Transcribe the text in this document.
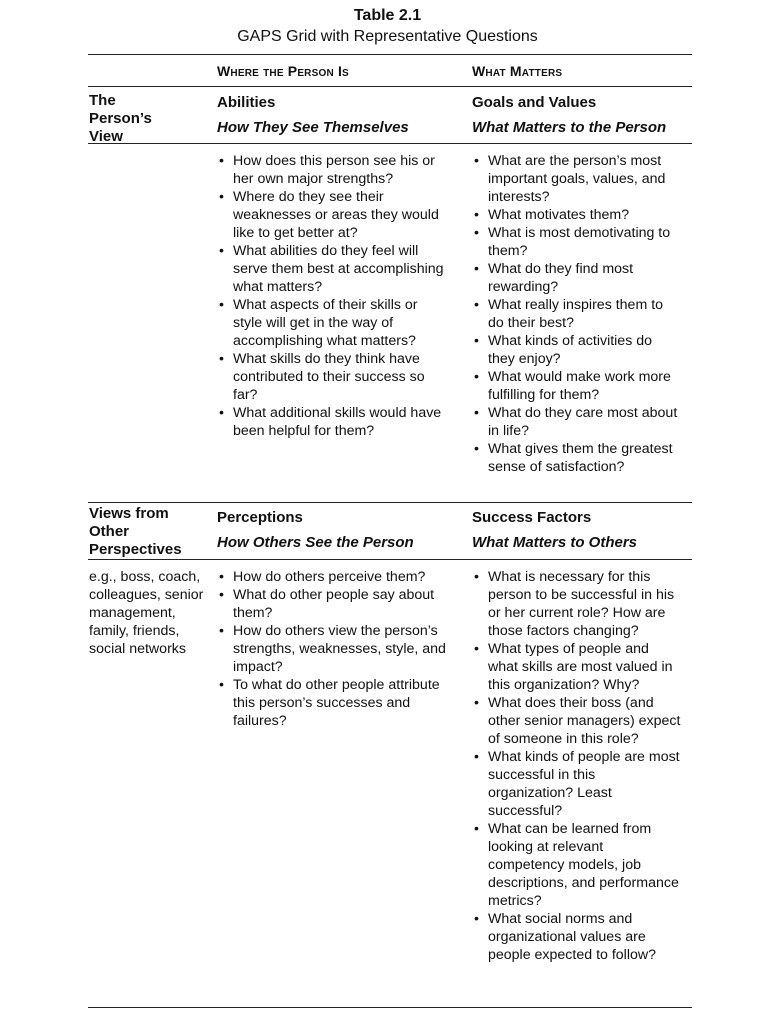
Table 2.1
GAPS Grid with Representative Questions
Where the Person Is	What Matters
The Person’s View
Abilities
How They See Themselves
Goals and Values
What Matters to the Person
• How does this person see his or her own major strengths?
• Where do they see their weaknesses or areas they would like to get better at?
• What abilities do they feel will serve them best at accomplishing what matters?
• What aspects of their skills or style will get in the way of accomplishing what matters?
• What skills do they think have contributed to their success so far?
• What additional skills would have been helpful for them?
• What are the person’s most important goals, values, and interests?
• What motivates them?
• What is most demotivating to them?
• What do they find most rewarding?
• What really inspires them to do their best?
• What kinds of activities do they enjoy?
• What would make work more fulfilling for them?
• What do they care most about in life?
• What gives them the greatest sense of satisfaction?
Views from Other Perspectives
Perceptions
How Others See the Person
Success Factors
What Matters to Others
e.g., boss, coach, colleagues, senior management, family, friends, social networks
• How do others perceive them?
• What do other people say about them?
• How do others view the person’s strengths, weaknesses, style, and impact?
• To what do other people attribute this person’s successes and failures?
• What is necessary for this person to be successful in his or her current role? How are those factors changing?
• What types of people and what skills are most valued in this organization? Why?
• What does their boss (and other senior managers) expect of someone in this role?
• What kinds of people are most successful in this organization? Least successful?
• What can be learned from looking at relevant competency models, job descriptions, and performance metrics?
• What social norms and organizational values are people expected to follow?
